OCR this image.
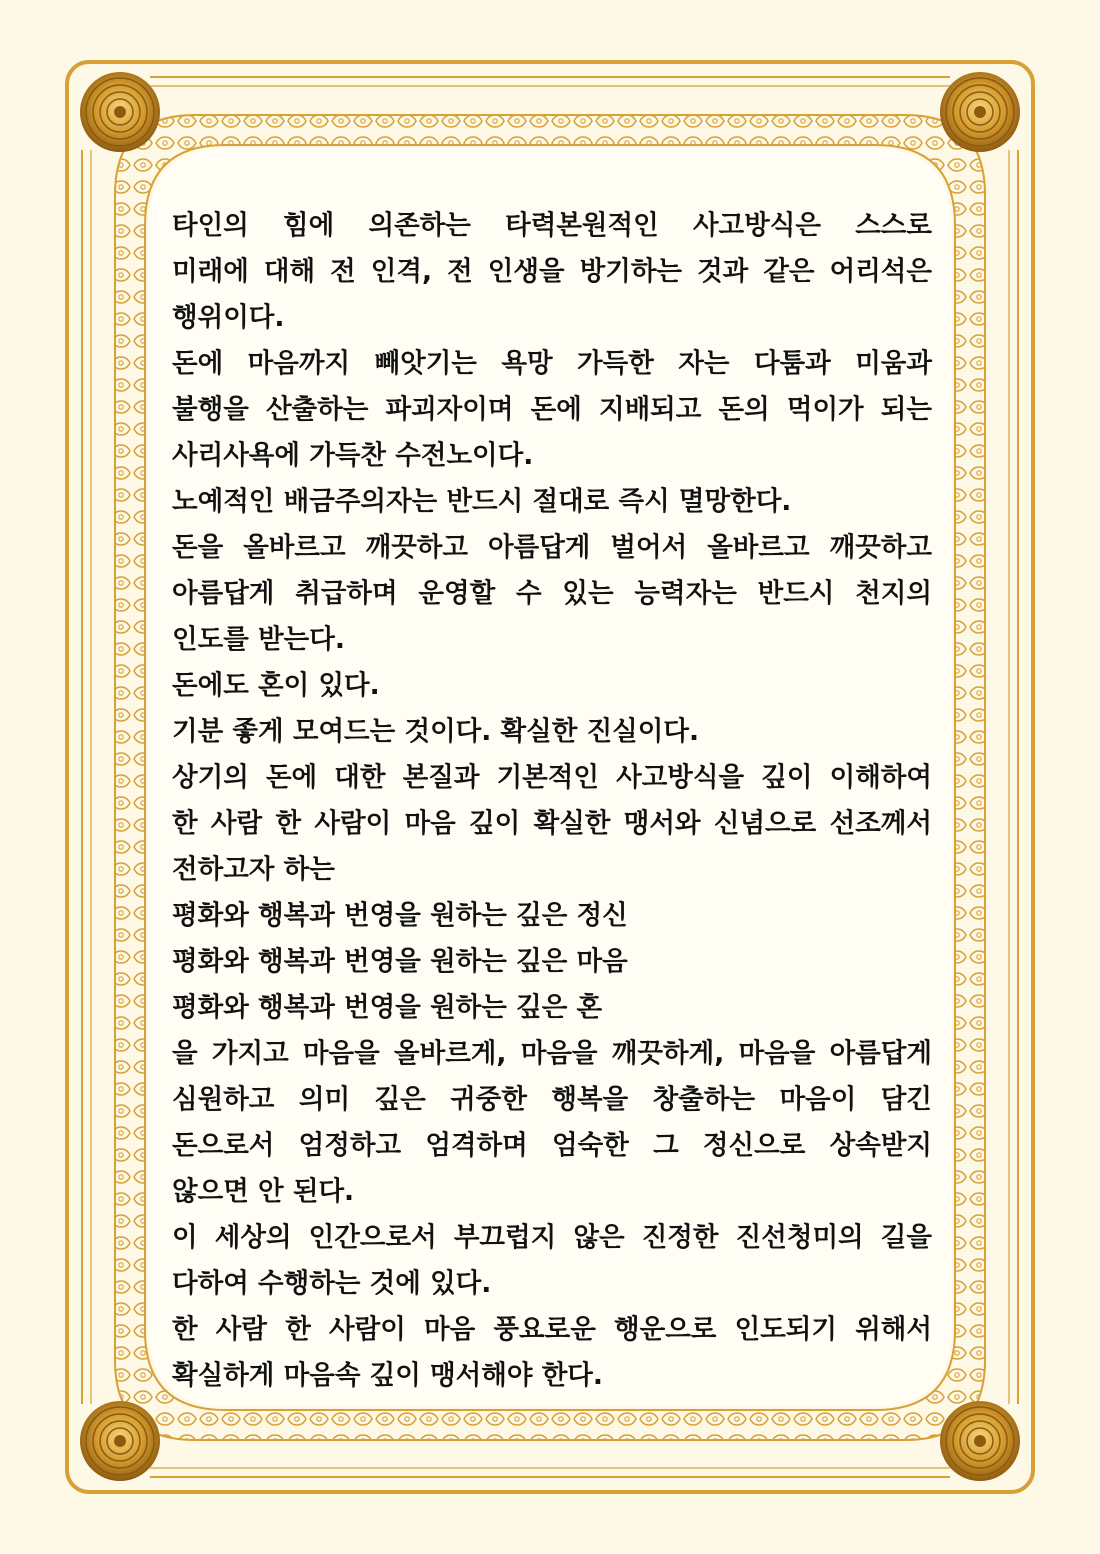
타인의 힘에 의존하는 타력본원적인 사고방식은 스스로
미래에 대해 전 인격, 전 인생을 방기하는 것과 같은 어리석은
행위이다.
돈에 마음까지 빼앗기는 욕망 가득한 자는 다툼과 미움과
불행을 산출하는 파괴자이며 돈에 지배되고 돈의 먹이가 되는
사리사욕에 가득찬 수전노이다.
노예적인 배금주의자는 반드시 절대로 즉시 멸망한다.
돈을 올바르고 깨끗하고 아름답게 벌어서 올바르고 깨끗하고
아름답게 취급하며 운영할 수 있는 능력자는 반드시 천지의
인도를 받는다.
돈에도 혼이 있다.
기분 좋게 모여드는 것이다. 확실한 진실이다.
상기의 돈에 대한 본질과 기본적인 사고방식을 깊이 이해하여
한 사람 한 사람이 마음 깊이 확실한 맹서와 신념으로 선조께서
전하고자 하는
평화와 행복과 번영을 원하는 깊은 정신
평화와 행복과 번영을 원하는 깊은 마음
평화와 행복과 번영을 원하는 깊은 혼
을 가지고 마음을 올바르게, 마음을 깨끗하게, 마음을 아름답게
심원하고 의미 깊은 귀중한 행복을 창출하는 마음이 담긴
돈으로서 엄정하고 엄격하며 엄숙한 그 정신으로 상속받지
않으면 안 된다.
이 세상의 인간으로서 부끄럽지 않은 진정한 진선청미의 길을
다하여 수행하는 것에 있다.
한 사람 한 사람이 마음 풍요로운 행운으로 인도되기 위해서
확실하게 마음속 깊이 맹서해야 한다.
